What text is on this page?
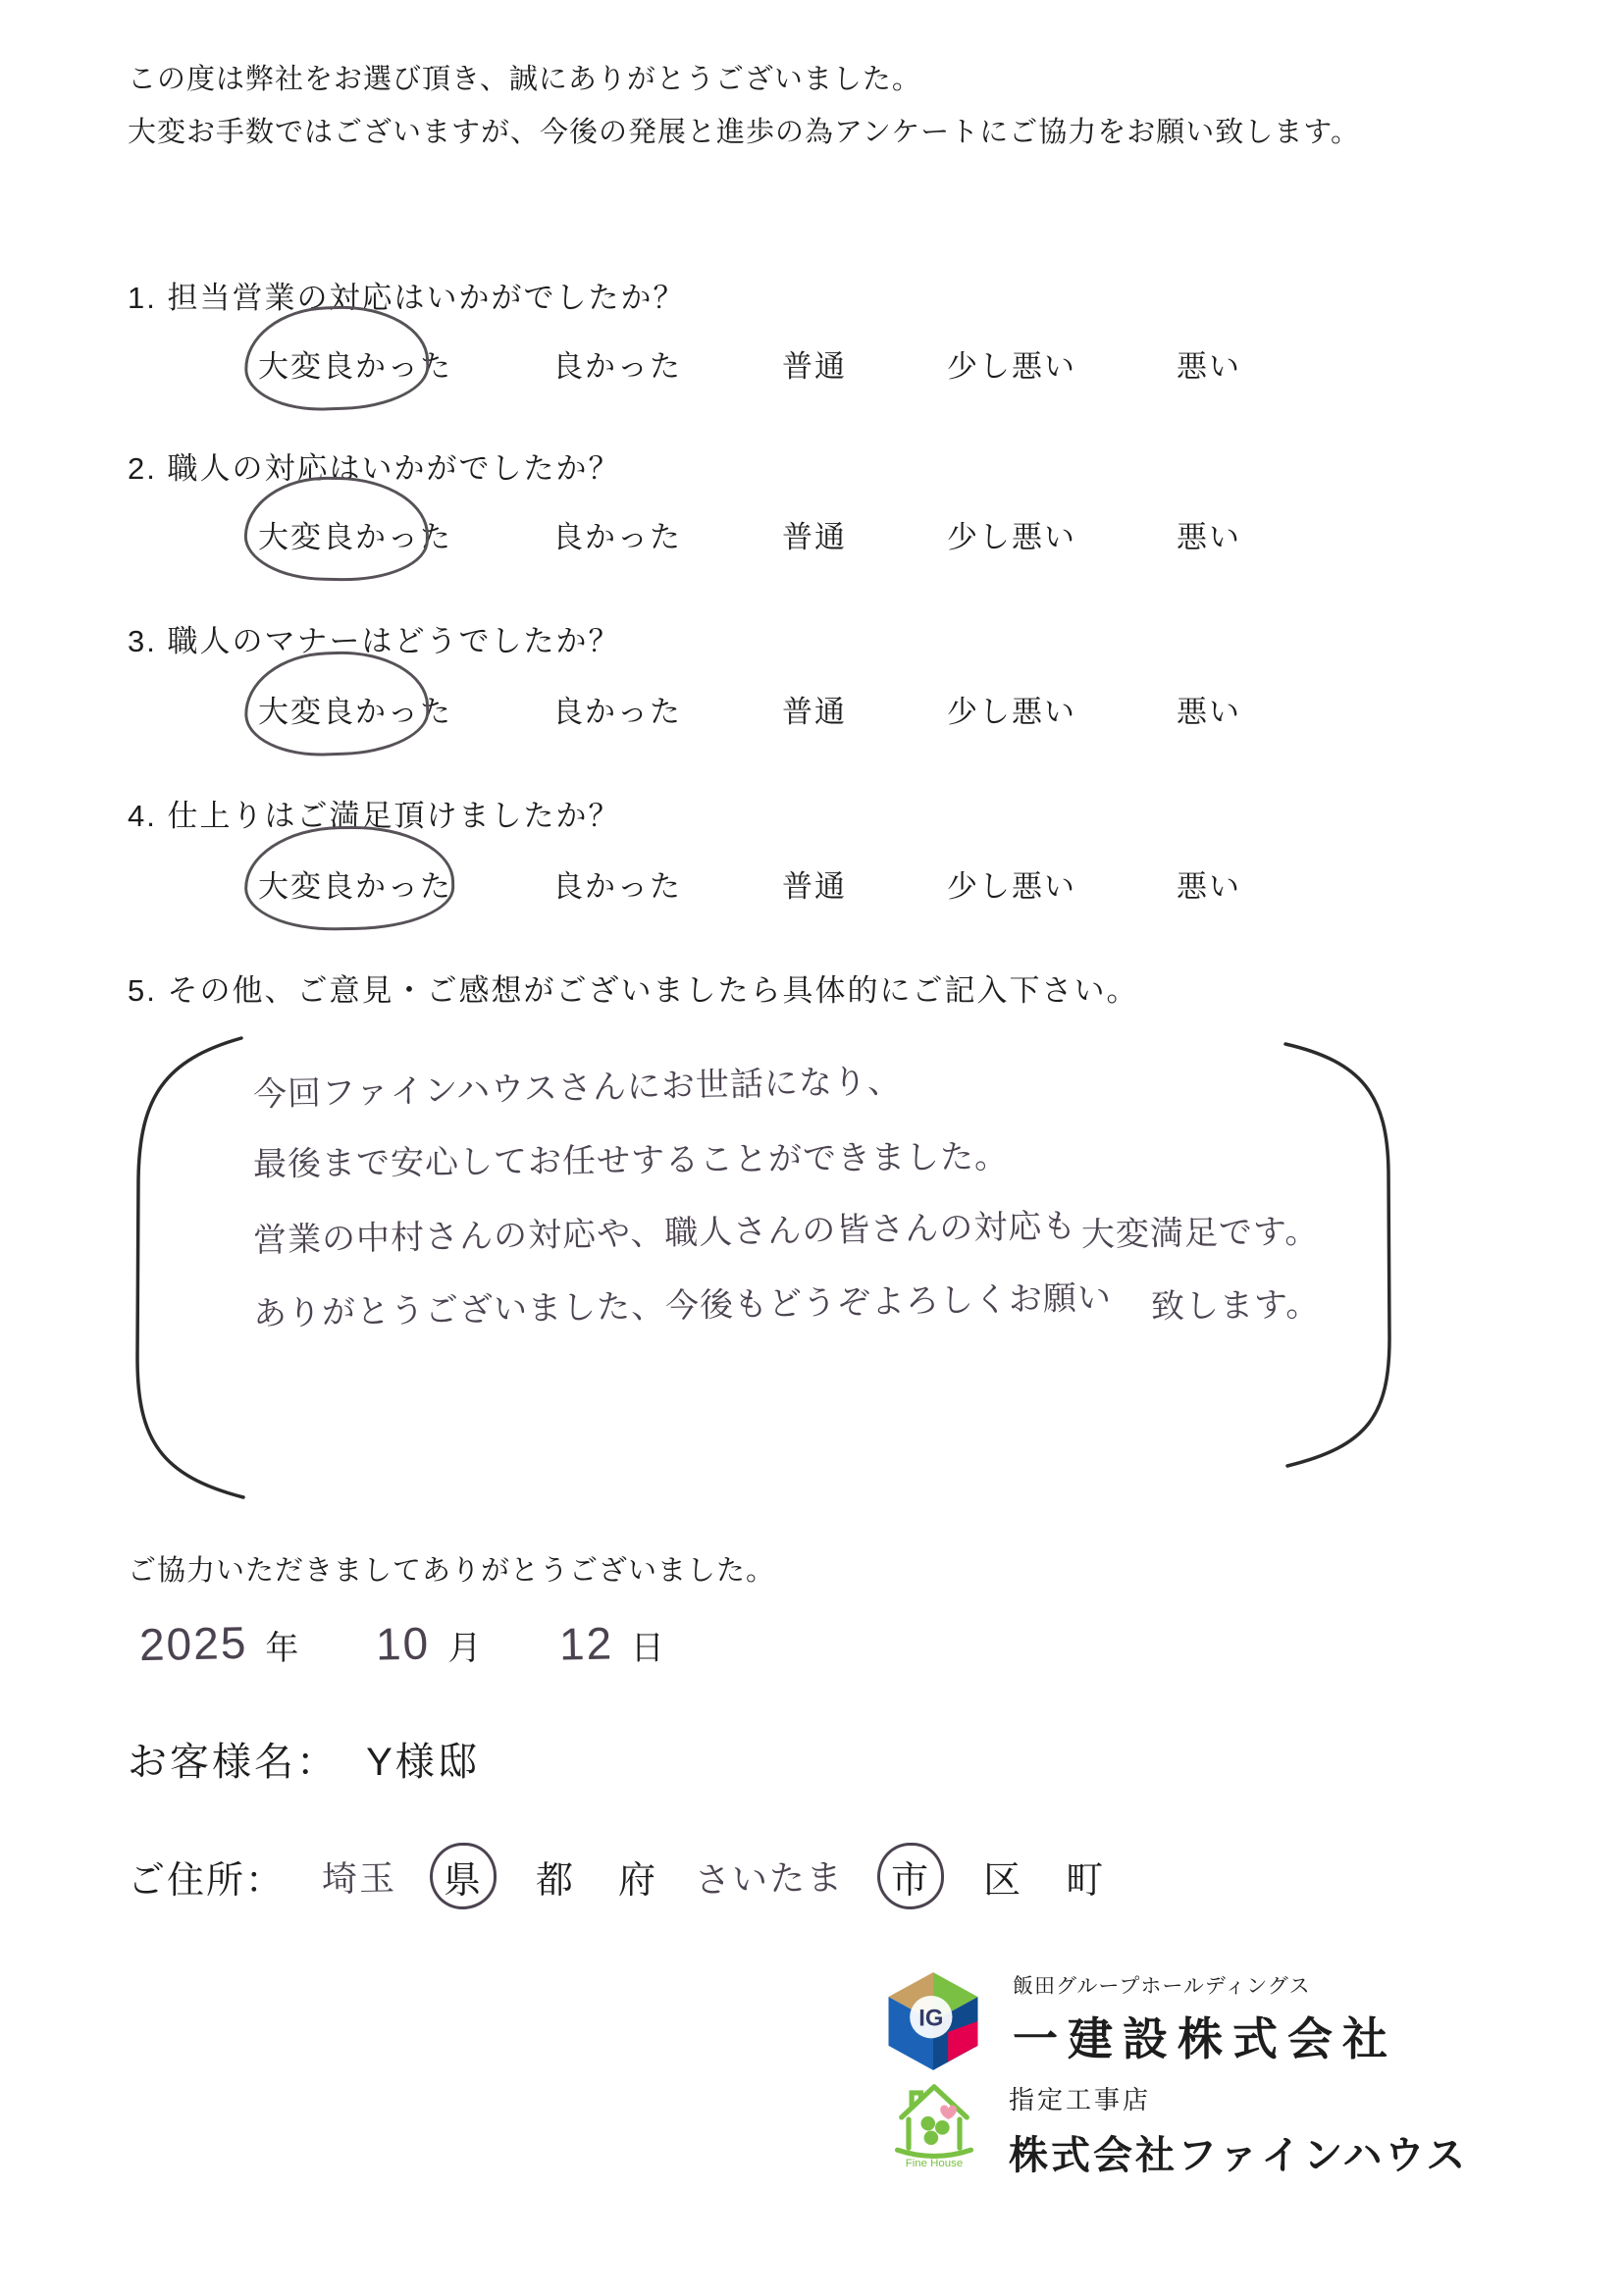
この度は弊社をお選び頂き、誠にありがとうございました。
大変お手数ではございますが、今後の発展と進歩の為アンケートにご協力をお願い致します。
1. 担当営業の対応はいかがでしたか？
大変良かった	良かった	普通	少し悪い	悪い
2. 職人の対応はいかがでしたか？
大変良かった	良かった	普通	少し悪い	悪い
3. 職人のマナーはどうでしたか？
大変良かった	良かった	普通	少し悪い	悪い
4. 仕上りはご満足頂けましたか？
大変良かった	良かった	普通	少し悪い	悪い
5. その他、ご意見・ご感想がございましたら具体的にご記入下さい。
今回ファインハウスさんにお世話になり、 最後まで安心してお任せすることができました。 営業の中村さんの対応や、職人さんの皆さんの対応も 大変満足です。 ありがとうございました、今後もどうぞよろしくお願い 致します。
ご協力いただきましてありがとうございました。
2025 年 10 月 12 日
お客様名： Y様邸
ご住所： 埼玉 県 都 府 さいたま 市 区 町
IG
飯田グループホールディングス
一建設株式会社
Fine House
指定工事店
株式会社ファインハウス
